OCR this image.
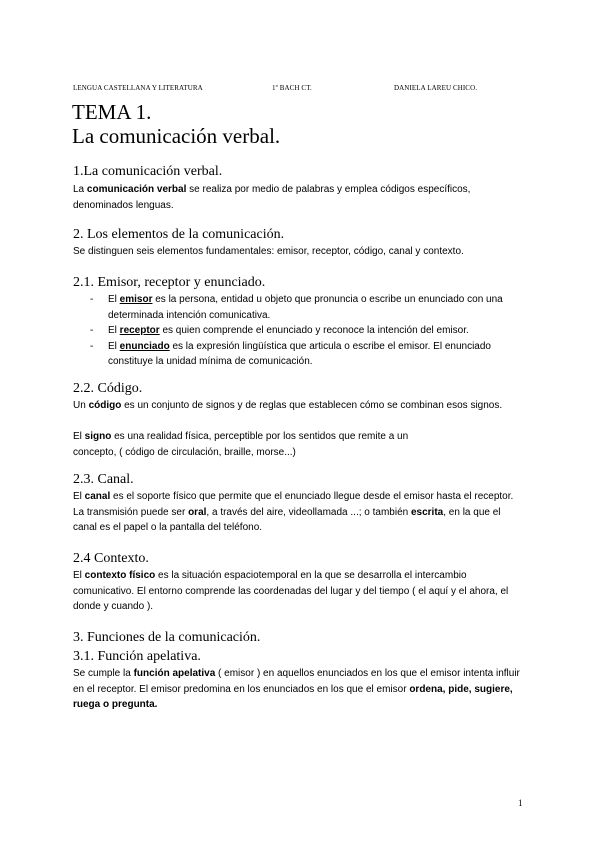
LENGUA CASTELLANA Y LITERATURA	1º BACH CT.	DANIELA LAREU CHICO.
TEMA 1.
La comunicación verbal.
1.La comunicación verbal.
La comunicación verbal se realiza por medio de palabras y emplea códigos específicos,
denominados lenguas.
2. Los elementos de la comunicación.
Se distinguen seis elementos fundamentales: emisor, receptor, código, canal y contexto.
2.1. Emisor, receptor y enunciado.
- El emisor es la persona, entidad u objeto que pronuncia o escribe un enunciado con una determinada intención comunicativa.
- El receptor es quien comprende el enunciado y reconoce la intención del emisor.
- El enunciado es la expresión lingüística que articula o escribe el emisor. El enunciado constituye la unidad mínima de comunicación.
2.2. Código.
Un código es un conjunto de signos y de reglas que establecen cómo se combinan esos signos.
El signo es una realidad física, perceptible por los sentidos que remite a un
concepto, ( código de circulación, braille, morse...)
2.3. Canal.
El canal es el soporte físico que permite que el enunciado llegue desde el emisor hasta el receptor. La transmisión puede ser oral, a través del aire, videollamada ...; o también escrita, en la que el canal es el papel o la pantalla del teléfono.
2.4 Contexto.
El contexto físico es la situación espaciotemporal en la que se desarrolla el intercambio comunicativo. El entorno comprende las coordenadas del lugar y del tiempo ( el aquí y el ahora, el donde y cuando ).
3. Funciones de la comunicación.
3.1. Función apelativa.
Se cumple la función apelativa ( emisor ) en aquellos enunciados en los que el emisor intenta influir en el receptor. El emisor predomina en los enunciados en los que el emisor ordena, pide, sugiere, ruega o pregunta.
1
